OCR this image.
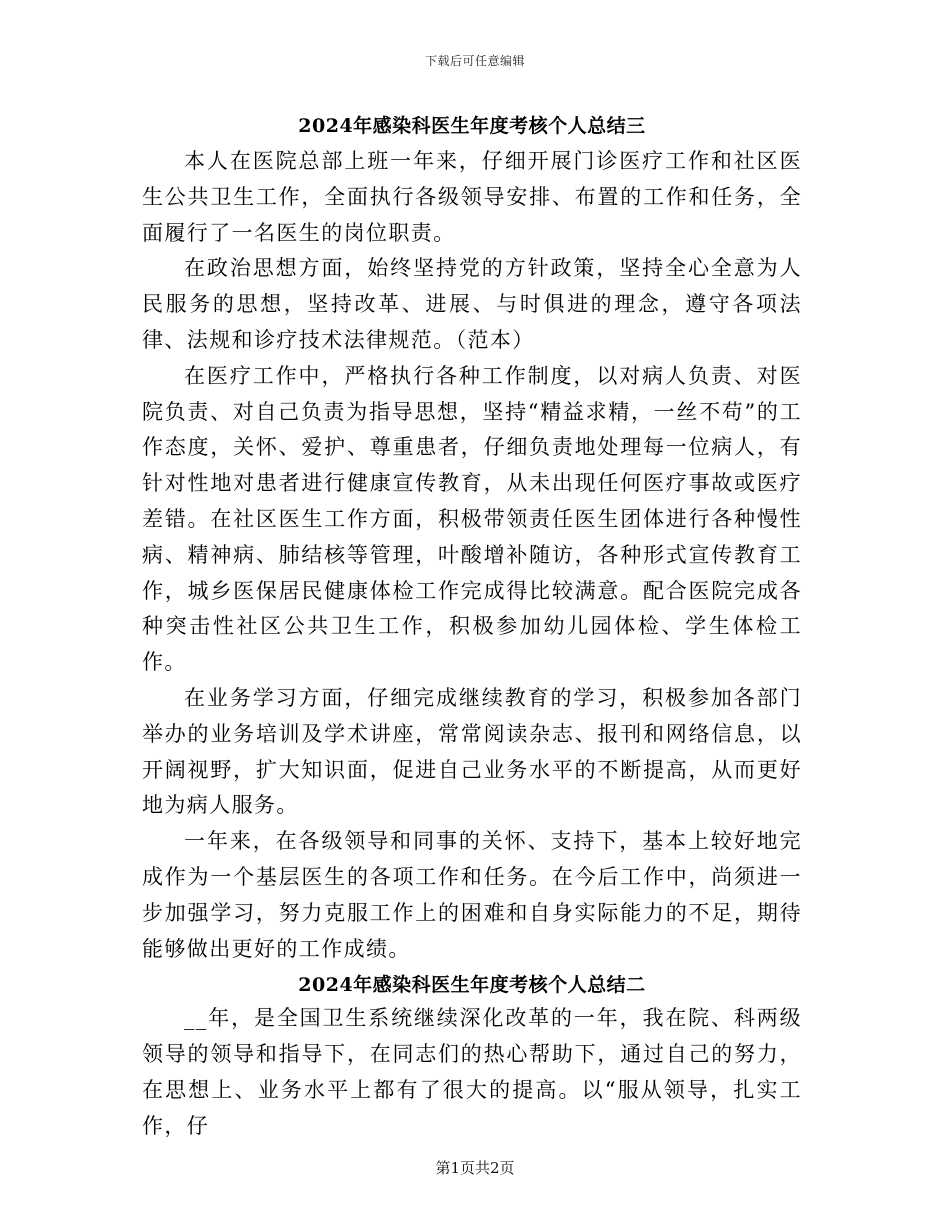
下载后可任意编辑
2024年感染科医生年度考核个人总结三

本人在医院总部上班一年来，仔细开展门诊医疗工作和社区医生公共卫生工作，全面执行各级领导安排、布置的工作和任务，全面履行了一名医生的岗位职责。

在政治思想方面，始终坚持党的方针政策，坚持全心全意为人民服务的思想，坚持改革、进展、与时俱进的理念，遵守各项法律、法规和诊疗技术法律规范。（范本）

在医疗工作中，严格执行各种工作制度，以对病人负责、对医院负责、对自己负责为指导思想，坚持“精益求精，一丝不苟”的工作态度，关怀、爱护、尊重患者，仔细负责地处理每一位病人，有针对性地对患者进行健康宣传教育，从未出现任何医疗事故或医疗差错。在社区医生工作方面，积极带领责任医生团体进行各种慢性病、精神病、肺结核等管理，叶酸增补随访，各种形式宣传教育工作，城乡医保居民健康体检工作完成得比较满意。配合医院完成各种突击性社区公共卫生工作，积极参加幼儿园体检、学生体检工作。

在业务学习方面，仔细完成继续教育的学习，积极参加各部门举办的业务培训及学术讲座，常常阅读杂志、报刊和网络信息，以开阔视野，扩大知识面，促进自己业务水平的不断提高，从而更好地为病人服务。

一年来，在各级领导和同事的关怀、支持下，基本上较好地完成作为一个基层医生的各项工作和任务。在今后工作中，尚须进一步加强学习，努力克服工作上的困难和自身实际能力的不足，期待能够做出更好的工作成绩。

2024年感染科医生年度考核个人总结二

__年，是全国卫生系统继续深化改革的一年，我在院、科两级领导的领导和指导下，在同志们的热心帮助下，通过自己的努力，在思想上、业务水平上都有了很大的提高。以“服从领导，扎实工作，仔

第1页共2页
